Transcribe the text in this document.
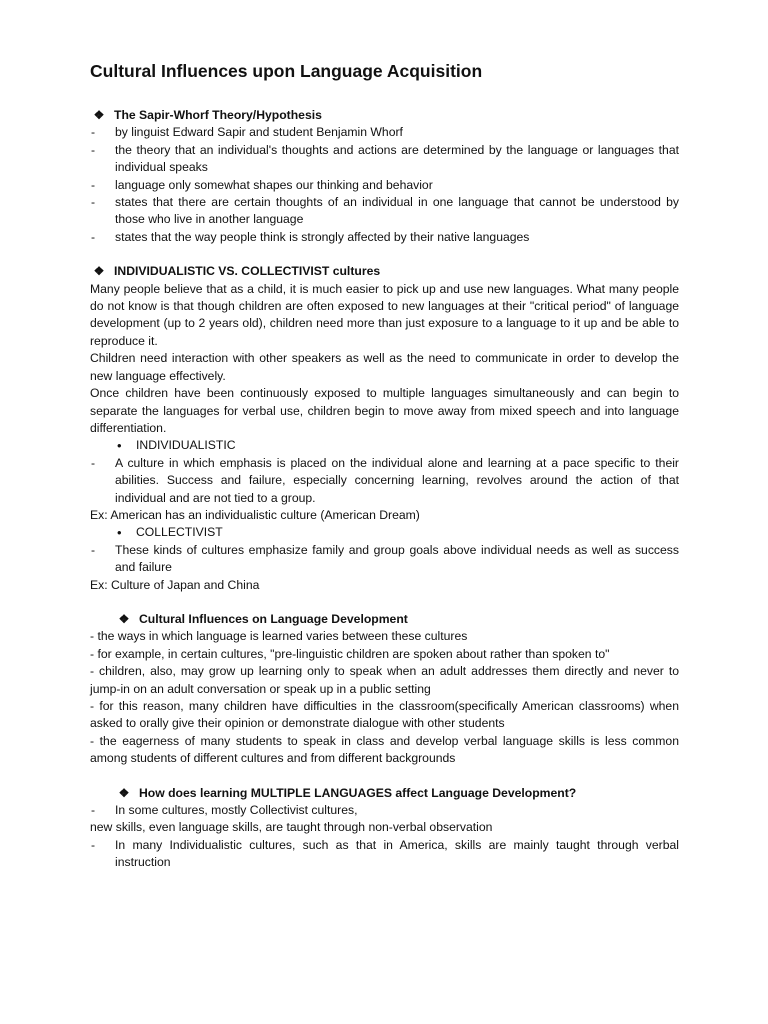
Cultural Influences upon Language Acquisition
❖ The Sapir-Whorf Theory/Hypothesis
- by linguist Edward Sapir and student Benjamin Whorf
- the theory that an individual's thoughts and actions are determined by the language or languages that individual speaks
- language only somewhat shapes our thinking and behavior
- states that there are certain thoughts of an individual in one language that cannot be understood by those who live in another language
- states that the way people think is strongly affected by their native languages
❖ INDIVIDUALISTIC VS. COLLECTIVIST cultures
Many people believe that as a child, it is much easier to pick up and use new languages. What many people do not know is that though children are often exposed to new languages at their "critical period" of language development (up to 2 years old), children need more than just exposure to a language to it up and be able to reproduce it.
Children need interaction with other speakers as well as the need to communicate in order to develop the new language effectively.
Once children have been continuously exposed to multiple languages simultaneously and can begin to separate the languages for verbal use, children begin to move away from mixed speech and into language differentiation.
• INDIVIDUALISTIC
- A culture in which emphasis is placed on the individual alone and learning at a pace specific to their abilities. Success and failure, especially concerning learning, revolves around the action of that individual and are not tied to a group.
Ex: American has an individualistic culture (American Dream)
• COLLECTIVIST
- These kinds of cultures emphasize family and group goals above individual needs as well as success and failure
Ex: Culture of Japan and China
❖ Cultural Influences on Language Development
- the ways in which language is learned varies between these cultures
- for example, in certain cultures, "pre-linguistic children are spoken about rather than spoken to"
- children, also, may grow up learning only to speak when an adult addresses them directly and never to jump-in on an adult conversation or speak up in a public setting
- for this reason, many children have difficulties in the classroom(specifically American classrooms) when asked to orally give their opinion or demonstrate dialogue with other students
- the eagerness of many students to speak in class and develop verbal language skills is less common among students of different cultures and from different backgrounds
❖ How does learning MULTIPLE LANGUAGES affect Language Development?
- In some cultures, mostly Collectivist cultures,
new skills, even language skills, are taught through non-verbal observation
- In many Individualistic cultures, such as that in America, skills are mainly taught through verbal instruction
